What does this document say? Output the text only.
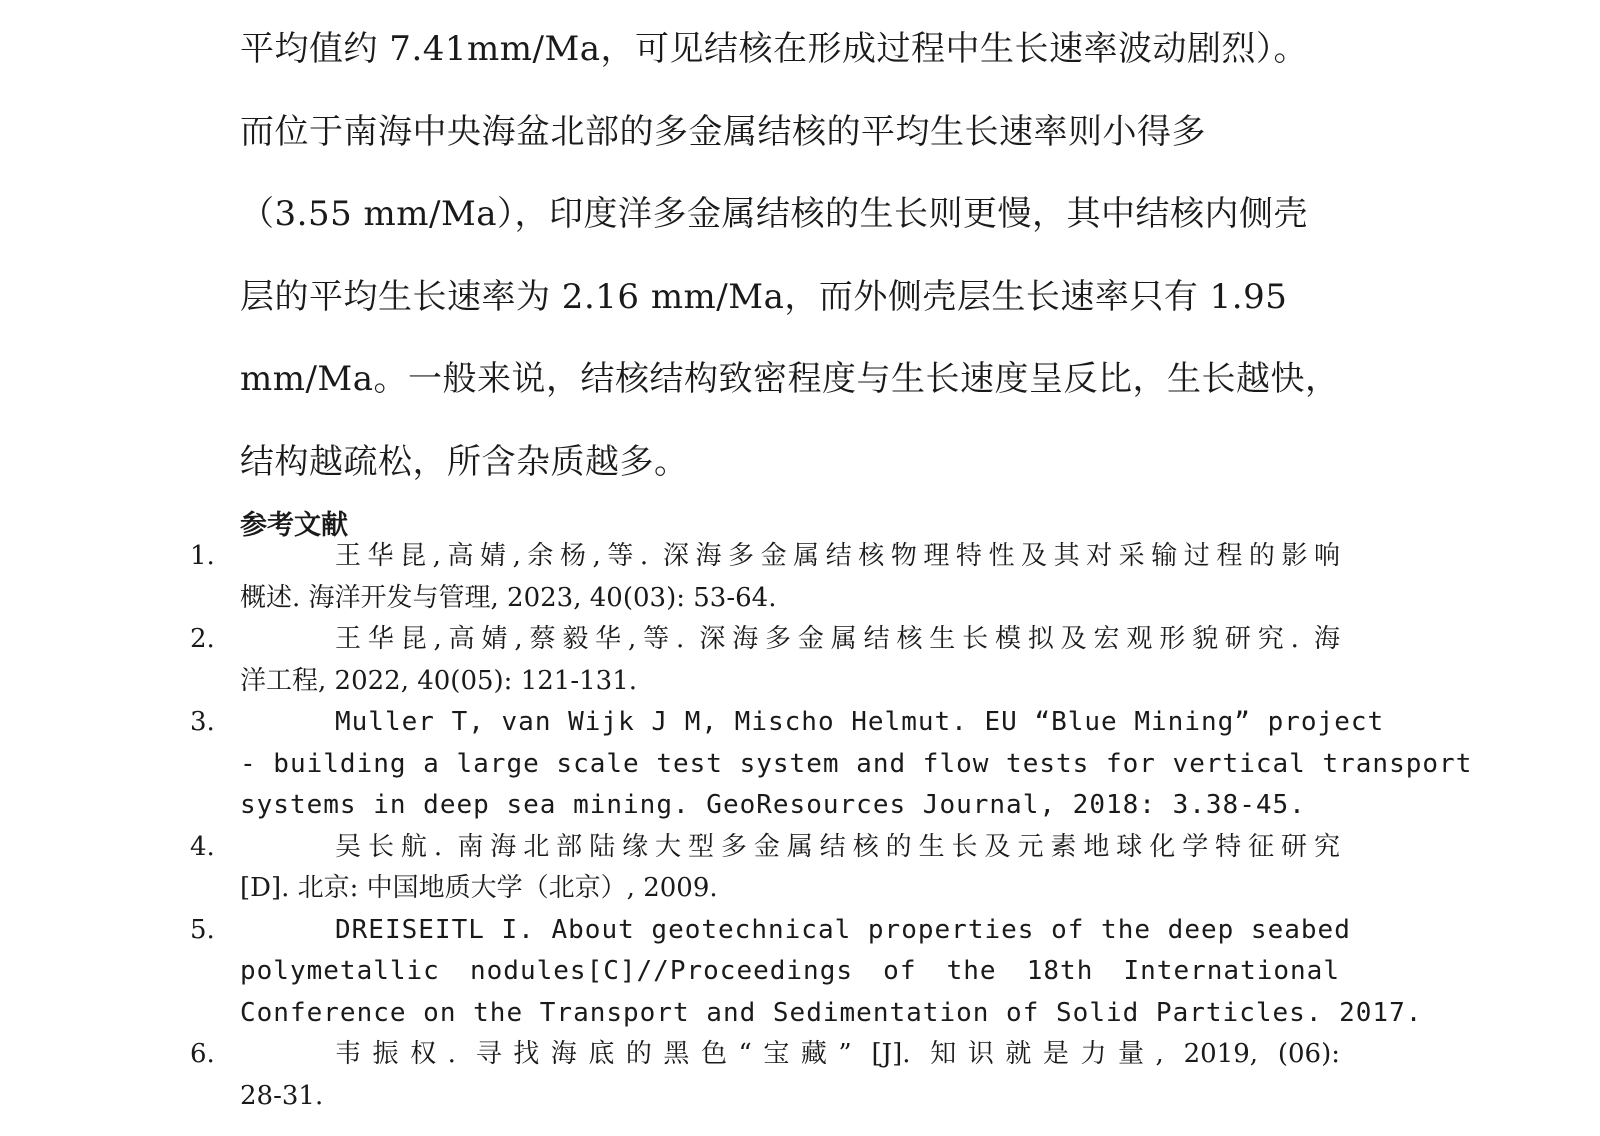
平均值约 7.41mm/Ma，可见结核在形成过程中生长速率波动剧烈）。
而位于南海中央海盆北部的多金属结核的平均生长速率则小得多
（3.55 mm/Ma），印度洋多金属结核的生长则更慢，其中结核内侧壳
层的平均生长速率为 2.16 mm/Ma，而外侧壳层生长速率只有 1.95
mm/Ma。一般来说，结核结构致密程度与生长速度呈反比，生长越快，
结构越疏松，所含杂质越多。
参考文献
1.	王华昆,高婧,余杨,等. 深海多金属结核物理特性及其对采输过程的影响
概述. 海洋开发与管理, 2023, 40(03): 53-64.
2.	王华昆,高婧,蔡毅华,等. 深海多金属结核生长模拟及宏观形貌研究. 海
洋工程, 2022, 40(05): 121-131.
3.	Muller T, van Wijk J M, Mischo Helmut. EU “Blue Mining” project
- building a large scale test system and flow tests for vertical transport
systems in deep sea mining. GeoResources Journal, 2018: 3.38-45.
4.	吴长航. 南海北部陆缘大型多金属结核的生长及元素地球化学特征研究
[D]. 北京: 中国地质大学（北京）, 2009.
5.	DREISEITL I. About geotechnical properties of the deep seabed
polymetallic nodules[C]//Proceedings of the 18th International
Conference on the Transport and Sedimentation of Solid Particles. 2017.
6.	韦振权. 寻找海底的黑色“宝藏” [J]. 知识就是力量, 2019, (06):
28-31.
